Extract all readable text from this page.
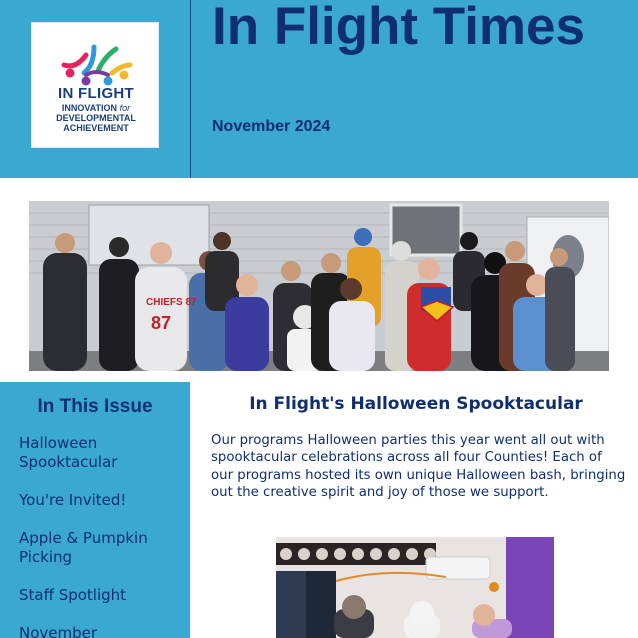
IN FLIGHT
INNOVATION for
DEVELOPMENTAL
ACHIEVEMENT
In Flight Times
November 2024
CHIEFS 87
87
In This Issue
Halloween Spooktacular
You're Invited!
Apple & Pumpkin Picking
Staff Spotlight
November
In Flight's Halloween Spooktacular
Our programs Halloween parties this year went all out with spooktacular celebrations across all four Counties! Each of our programs hosted its own unique Halloween bash, bringing out the creative spirit and joy of those we support.
